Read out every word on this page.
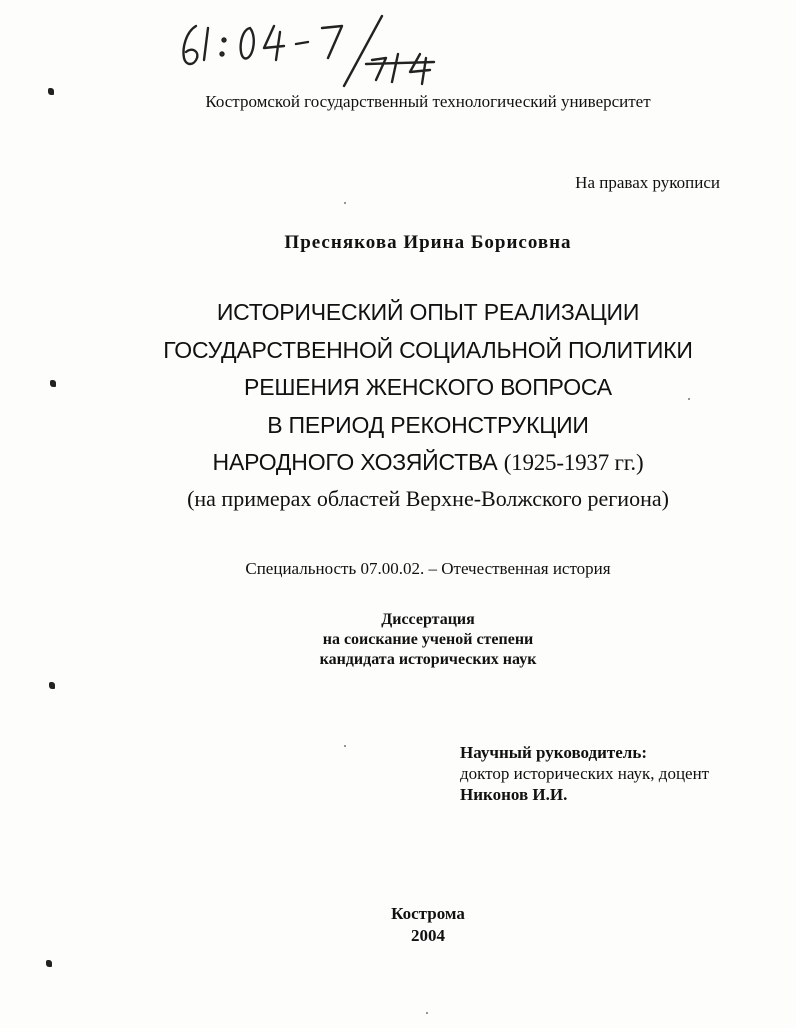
Костромской государственный технологический университет
На правах рукописи
Преснякова Ирина Борисовна
ИСТОРИЧЕСКИЙ ОПЫТ РЕАЛИЗАЦИИ
ГОСУДАРСТВЕННОЙ СОЦИАЛЬНОЙ ПОЛИТИКИ
РЕШЕНИЯ ЖЕНСКОГО ВОПРОСА
В ПЕРИОД РЕКОНСТРУКЦИИ
НАРОДНОГО ХОЗЯЙСТВА (1925-1937 гг.)
(на примерах областей Верхне-Волжского региона)
Специальность 07.00.02. – Отечественная история
Диссертация
на соискание ученой степени
кандидата исторических наук
Научный руководитель:
доктор исторических наук, доцент
Никонов И.И.
Кострома
2004
